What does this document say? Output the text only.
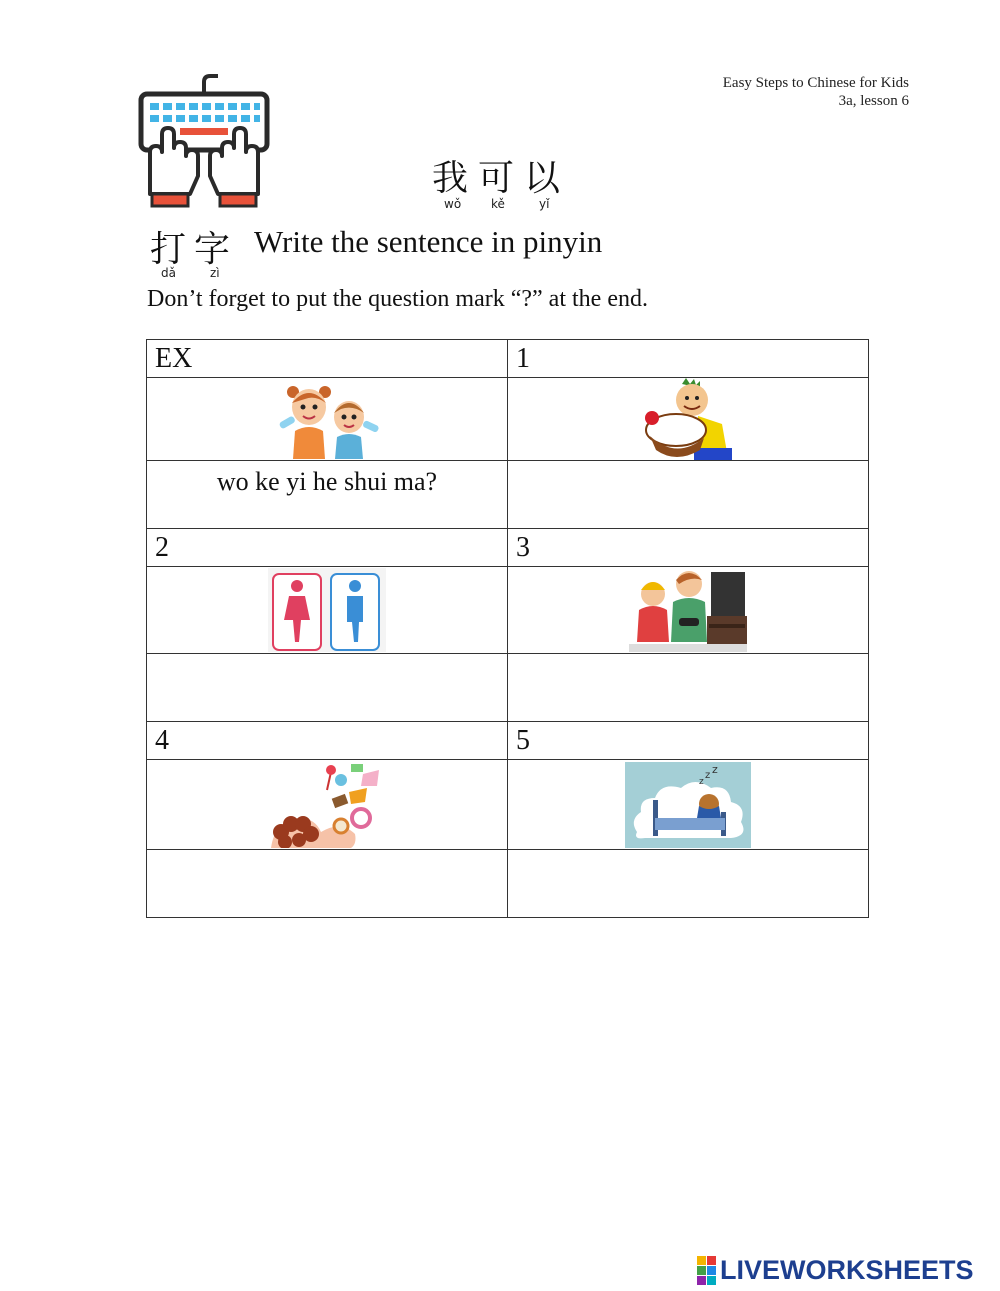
Easy Steps to Chinese for Kids
3a, lesson 6
我可以
wǒ kě	yǐ
打字
dǎ	zì
Write the sentence in pinyin
Don’t forget to put the question mark “?” at the end.
EX	1

wo ke yi he shui ma?	
2	3

4	5

z
z z

LIVEWORKSHEETS
